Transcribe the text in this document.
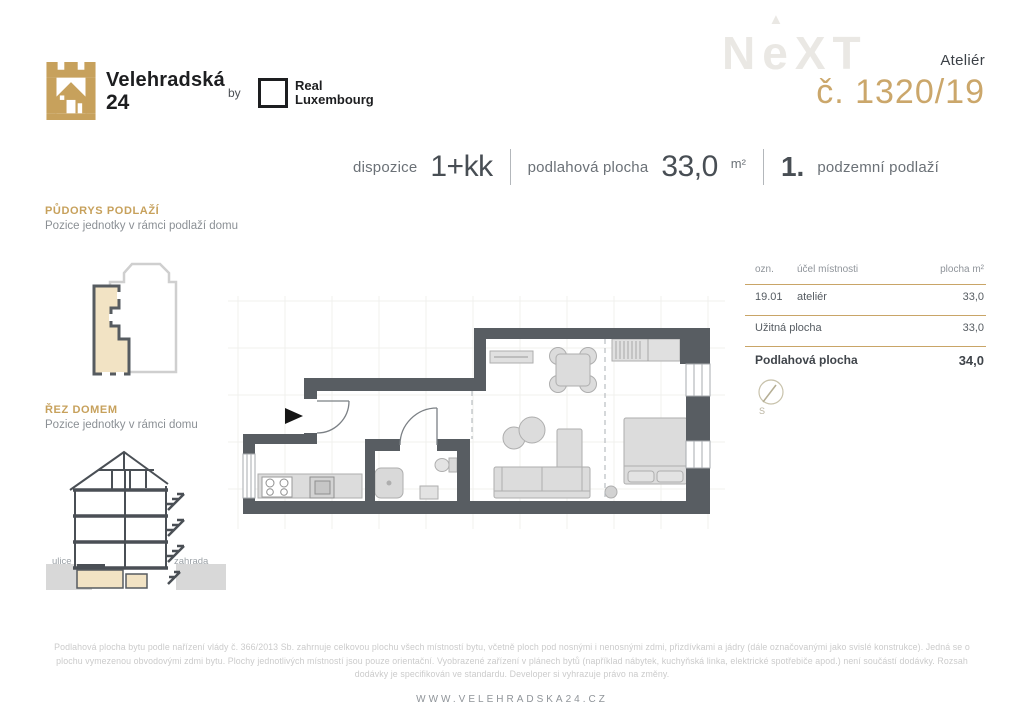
Velehradská
24	by	Real
Luxembourg
N
▲
eXT	Ateliér
č. 1320/19
dispozice 1+kk podlahová plocha 33,0 m² 1. podzemní podlaží
PŮDORYS PODLAŽÍ
Pozice jednotky v rámci podlaží domu
ŘEZ DOMEM
Pozice jednotky v rámci domu
ulice	zahrada
ozn. účel místnosti	plocha m²
19.01 ateliér	33,0
Užitná plocha	33,0
Podlahová plocha	34,0
S
Podlahová plocha bytu podle nařízení vlády č. 366/2013 Sb. zahrnuje celkovou plochu všech místností bytu, včetně ploch pod nosnými i nenosnými zdmi, přizdívkami a jádry (dále označovanými jako svislé konstrukce). Jedná se o plochu vymezenou obvodovými zdmi bytu. Plochy jednotlivých místností jsou pouze orientační. Vyobrazené zařízení v plánech bytů (například nábytek, kuchyňská linka, elektrické spotřebiče apod.) není součástí dodávky. Rozsah dodávky je specifikován ve standardu. Developer si vyhrazuje právo na změny.
WWW.VELEHRADSKA24.CZ
